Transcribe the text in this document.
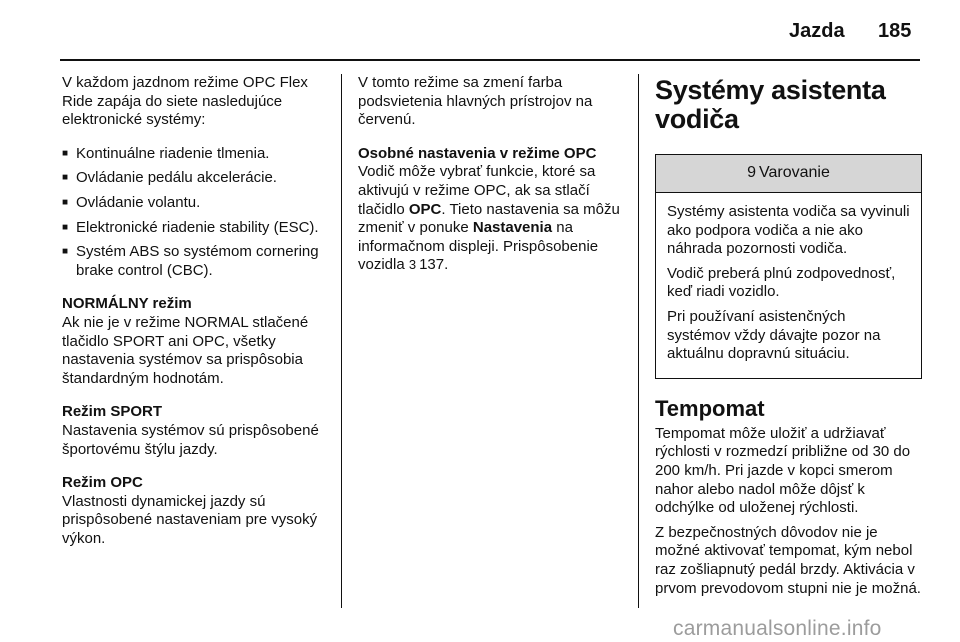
Jazda 185

V každom jazdnom režime OPC Flex Ride zapája do siete nasledujúce elektronické systémy:

■ Kontinuálne riadenie tlmenia.
■ Ovládanie pedálu akcelerácie.
■ Ovládanie volantu.
■ Elektronické riadenie stability (ESC).
■ Systém ABS so systémom cornering brake control (CBC).

NORMÁLNY režim
Ak nie je v režime NORMAL stlačené tlačidlo SPORT ani OPC, všetky nastavenia systémov sa prispôsobia štandardným hodnotám.

Režim SPORT
Nastavenia systémov sú prispôsobené športovému štýlu jazdy.

Režim OPC
Vlastnosti dynamickej jazdy sú prispôsobené nastaveniam pre vysoký výkon.

V tomto režime sa zmení farba podsvietenia hlavných prístrojov na červenú.

Osobné nastavenia v režime OPC
Vodič môže vybrať funkcie, ktoré sa aktivujú v režime OPC, ak sa stlačí tlačidlo OPC. Tieto nastavenia sa môžu zmeniť v ponuke Nastavenia na informačnom displeji. Prispôsobenie vozidla 3 137.

Systémy asistenta vodiča
9 Varovanie

Systémy asistenta vodiča sa vyvinuli ako podpora vodiča a nie ako náhrada pozornosti vodiča.

Vodič preberá plnú zodpovednosť, keď riadi vozidlo.

Pri používaní asistenčných systémov vždy dávajte pozor na aktuálnu dopravnú situáciu.

Tempomat

Tempomat môže uložiť a udržiavať rýchlosti v rozmedzí približne od 30 do 200 km/h. Pri jazde v kopci smerom nahor alebo nadol môže dôjsť k odchýlke od uloženej rýchlosti.

Z bezpečnostných dôvodov nie je možné aktivovať tempomat, kým nebol raz zošliapnutý pedál brzdy. Aktivácia v prvom prevodovom stupni nie je možná.

carmanualsonline.info
